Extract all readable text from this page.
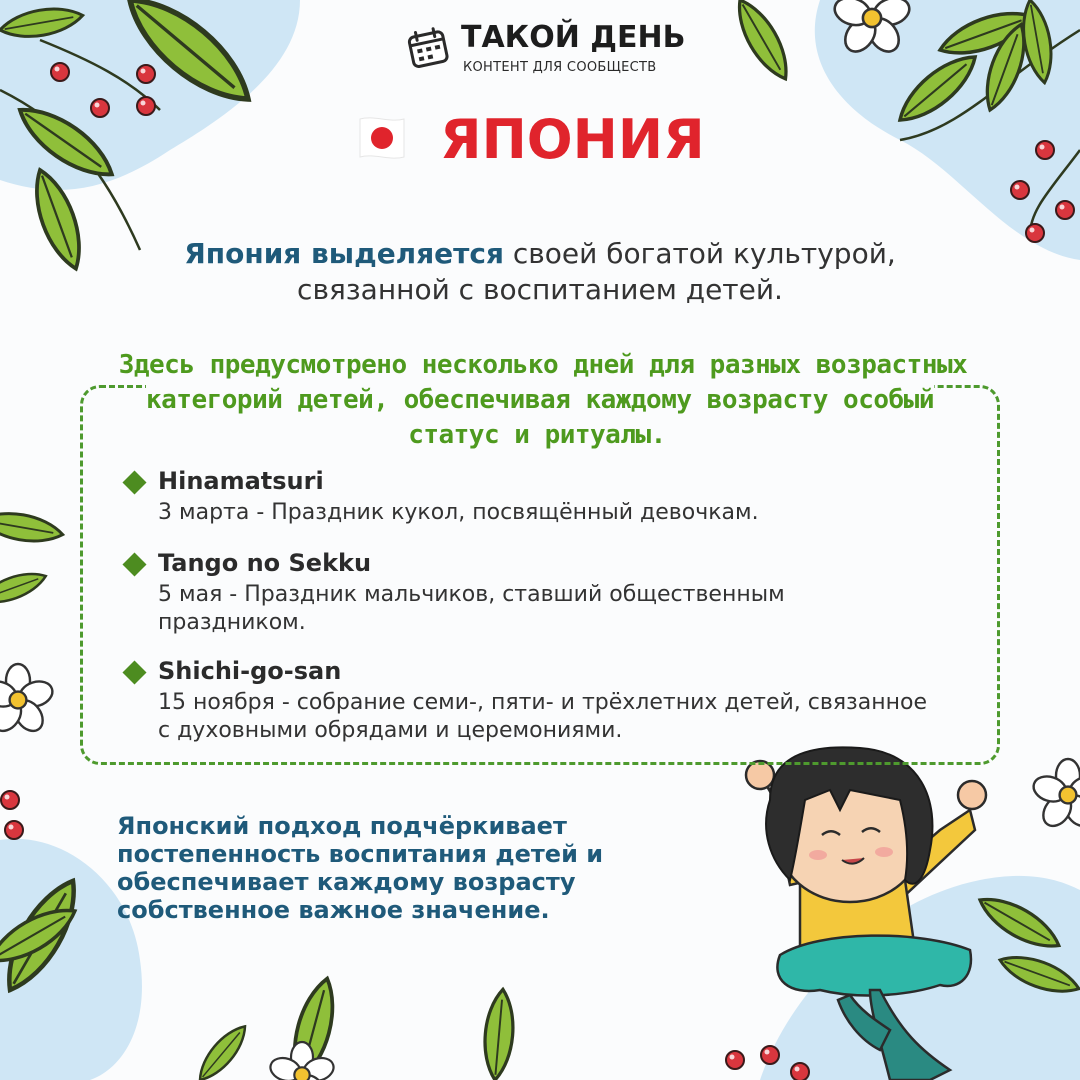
ТАКОЙ ДЕНЬ
КОНТЕНТ ДЛЯ СООБЩЕСТВ
ЯПОНИЯ
Япония выделяется своей богатой культурой,
связанной с воспитанием детей.
Здесь предусмотрено несколько дней для разных возрастных категорий детей, обеспечивая каждому возрасту особый статус и ритуалы.
Hinamatsuri
3 марта - Праздник кукол, посвящённый девочкам.
Tango no Sekku
5 мая - Праздник мальчиков, ставший общественным праздником.
Shichi-go-san
15 ноября - собрание семи-, пяти- и трёхлетних детей, связанное с духовными обрядами и церемониями.
Японский подход подчёркивает постепенность воспитания детей и обеспечивает каждому возрасту собственное важное значение.
